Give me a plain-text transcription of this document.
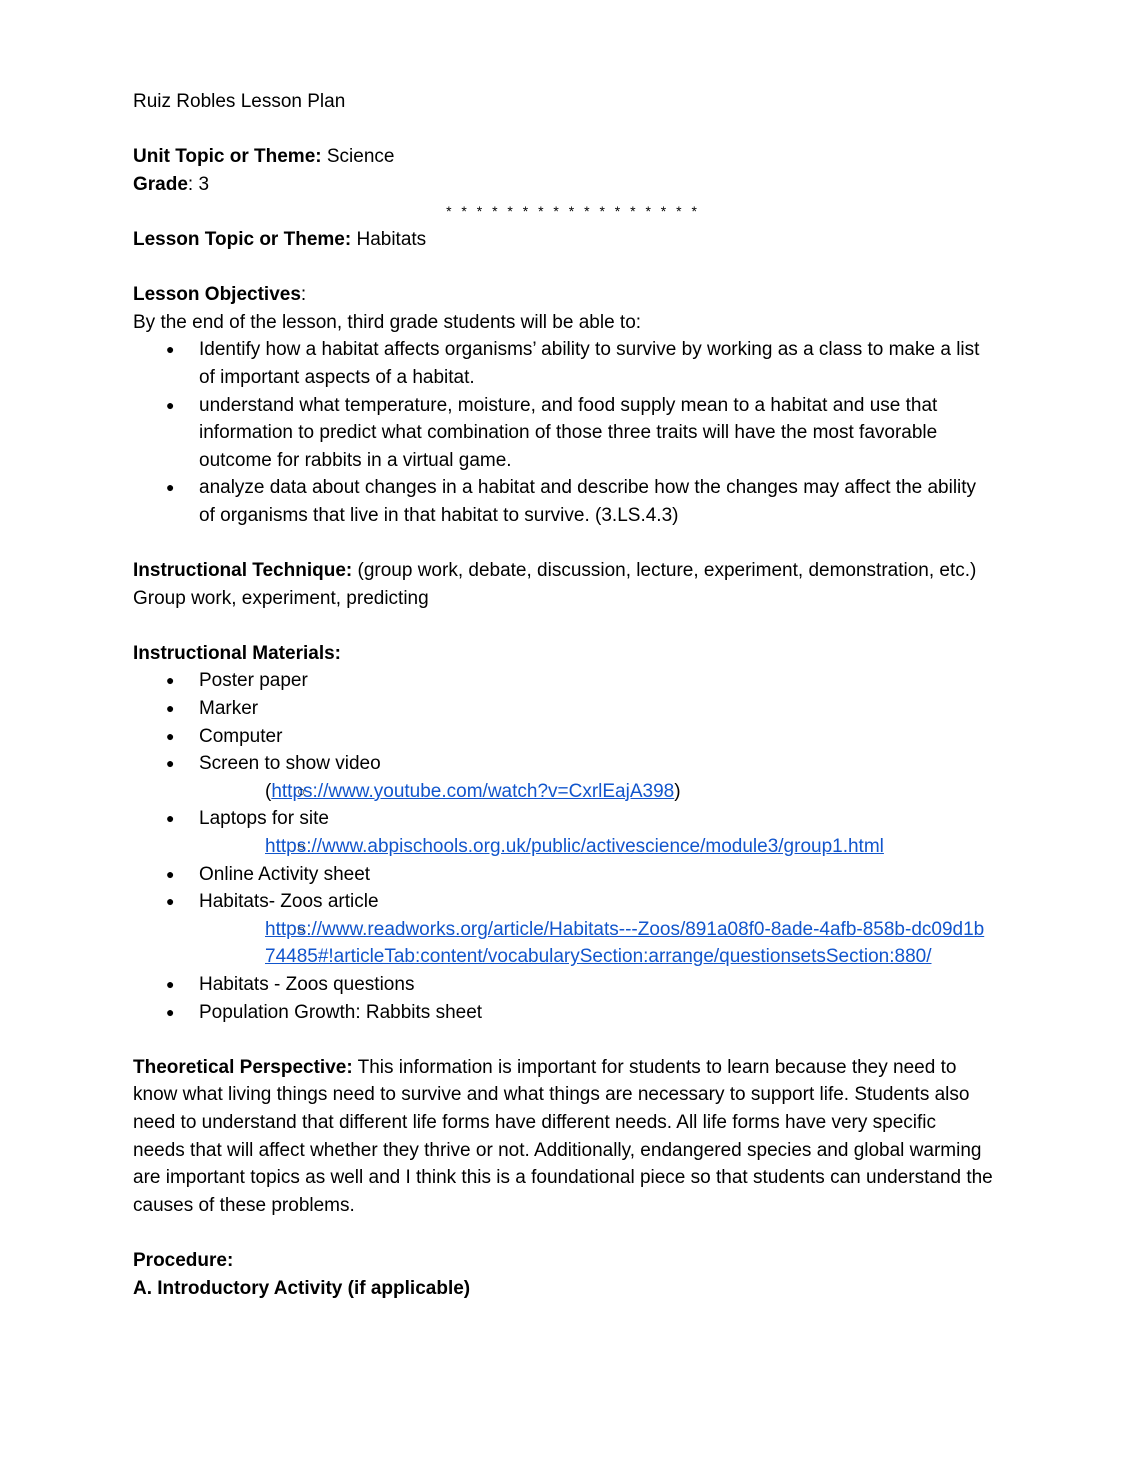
Ruiz Robles Lesson Plan

Unit Topic or Theme: Science

Grade: 3

* * * * * * * * * * * * * * * * *

Lesson Topic or Theme: Habitats

Lesson Objectives:

By the end of the lesson, third grade students will be able to:

● Identify how a habitat affects organisms’ ability to survive by working as a class to make a list of important aspects of a habitat.
● understand what temperature, moisture, and food supply mean to a habitat and use that information to predict what combination of those three traits will have the most favorable outcome for rabbits in a virtual game.
● analyze data about changes in a habitat and describe how the changes may affect the ability of organisms that live in that habitat to survive. (3.LS.4.3)

Instructional Technique: (group work, debate, discussion, lecture, experiment, demonstration, etc.) Group work, experiment, predicting

Instructional Materials:

● Poster paper
● Marker
● Computer
● Screen to show video
○ (https://www.youtube.com/watch?v=CxrlEajA398)
● Laptops for site
○ https://www.abpischools.org.uk/public/activescience/module3/group1.html
● Online Activity sheet
● Habitats- Zoos article
○ https://www.readworks.org/article/Habitats---Zoos/891a08f0-8ade-4afb-858b-dc09d1b74485#!articleTab:content/vocabularySection:arrange/questionsetsSection:880/
● Habitats - Zoos questions
● Population Growth: Rabbits sheet

Theoretical Perspective: This information is important for students to learn because they need to know what living things need to survive and what things are necessary to support life. Students also need to understand that different life forms have different needs. All life forms have very specific needs that will affect whether they thrive or not. Additionally, endangered species and global warming are important topics as well and I think this is a foundational piece so that students can understand the causes of these problems.

Procedure:

A. Introductory Activity (if applicable)
